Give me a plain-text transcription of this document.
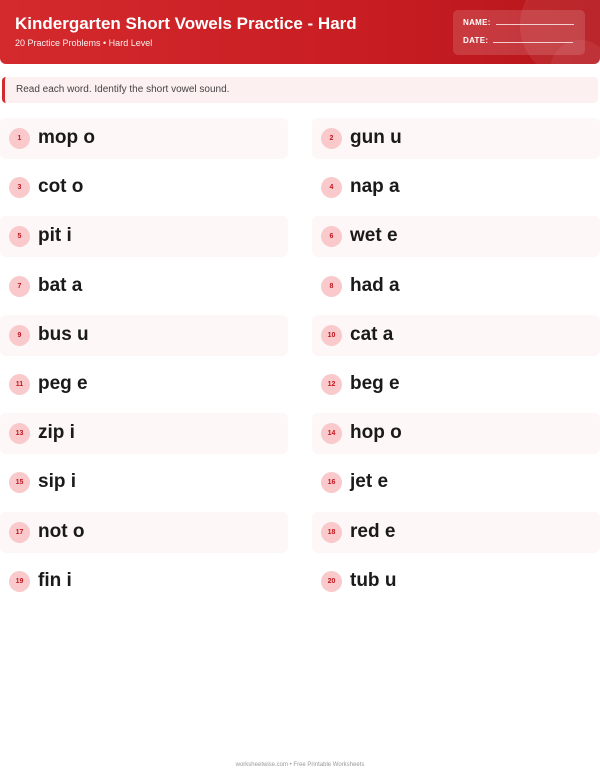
Kindergarten Short Vowels Practice - Hard
20 Practice Problems • Hard Level
NAME:
DATE:
Read each word. Identify the short vowel sound.
1 mop o	2 gun u
3 cot o	4 nap a
5 pit i	6 wet e
7 bat a	8 had a
9 bus u	10 cat a
11 peg e	12 beg e
13 zip i	14 hop o
15 sip i	16 jet e
17 not o	18 red e
19 fin i	20 tub u
worksheetwise.com • Free Printable Worksheets
